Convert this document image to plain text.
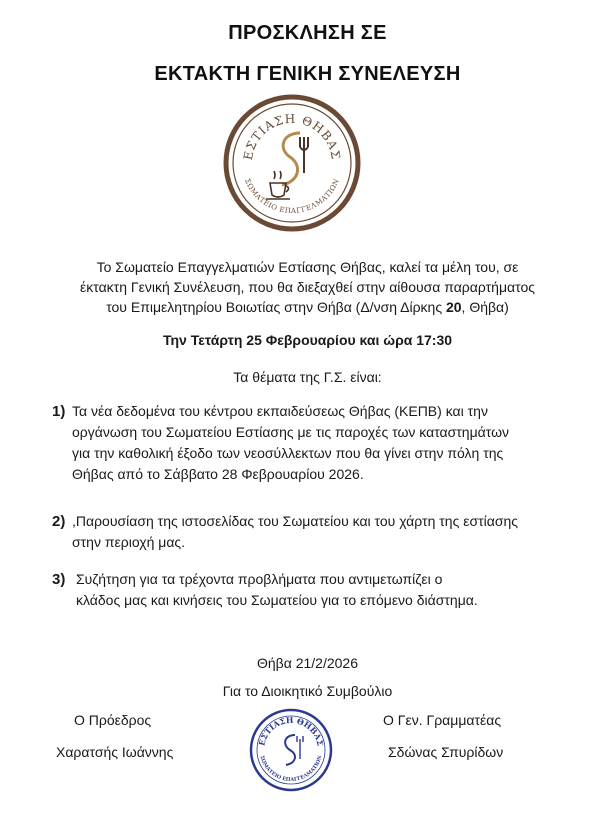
ΠΡΟΣΚΛΗΣΗ ΣΕ
ΕΚΤΑΚΤΗ ΓΕΝΙΚΗ ΣΥΝΕΛΕΥΣΗ
ΕΣΤΙΑΣΗ ΘΗΒΑΣ
ΣΩΜΑΤΕΙΟ ΕΠΑΓΓΕΛΜΑΤΙΩΝ
Το Σωματείο Επαγγελματιών Εστίασης Θήβας, καλεί τα μέλη του, σε
έκτακτη Γενική Συνέλευση, που θα διεξαχθεί στην αίθουσα παραρτήματος
του Επιμελητηρίου Βοιωτίας στην Θήβα (Δ/νση Δίρκης 20, Θήβα)
Την Τετάρτη 25 Φεβρουαρίου και ώρα 17:30
Τα θέματα της Γ.Σ. είναι:
1) Τα νέα δεδομένα του κέντρου εκπαιδεύσεως Θήβας (ΚΕΠΒ) και την
οργάνωση του Σωματείου Εστίασης με τις παροχές των καταστημάτων
για την καθολική έξοδο των νεοσύλλεκτων που θα γίνει στην πόλη της
Θήβας από το Σάββατο 28 Φεβρουαρίου 2026.
2) ,Παρουσίαση της ιστοσελίδας του Σωματείου και του χάρτη της εστίασης
στην περιοχή μας.
3) Συζήτηση για τα τρέχοντα προβλήματα που αντιμετωπίζει ο
κλάδος μας και κινήσεις του Σωματείου για το επόμενο διάστημα.
Θήβα 21/2/2026
Για το Διοικητικό Συμβούλιο
Ο Πρόεδρος
Χαρατσής Ιωάννης
Ο Γεν. Γραμματέας
Σδώνας Σπυρίδων
ΕΣΤΙΑΣΗ ΘΗΒΑΣ
ΣΩΜΑΤΕΙΟ ΕΠΑΓΓΕΛΜΑΤΙΩΝ
